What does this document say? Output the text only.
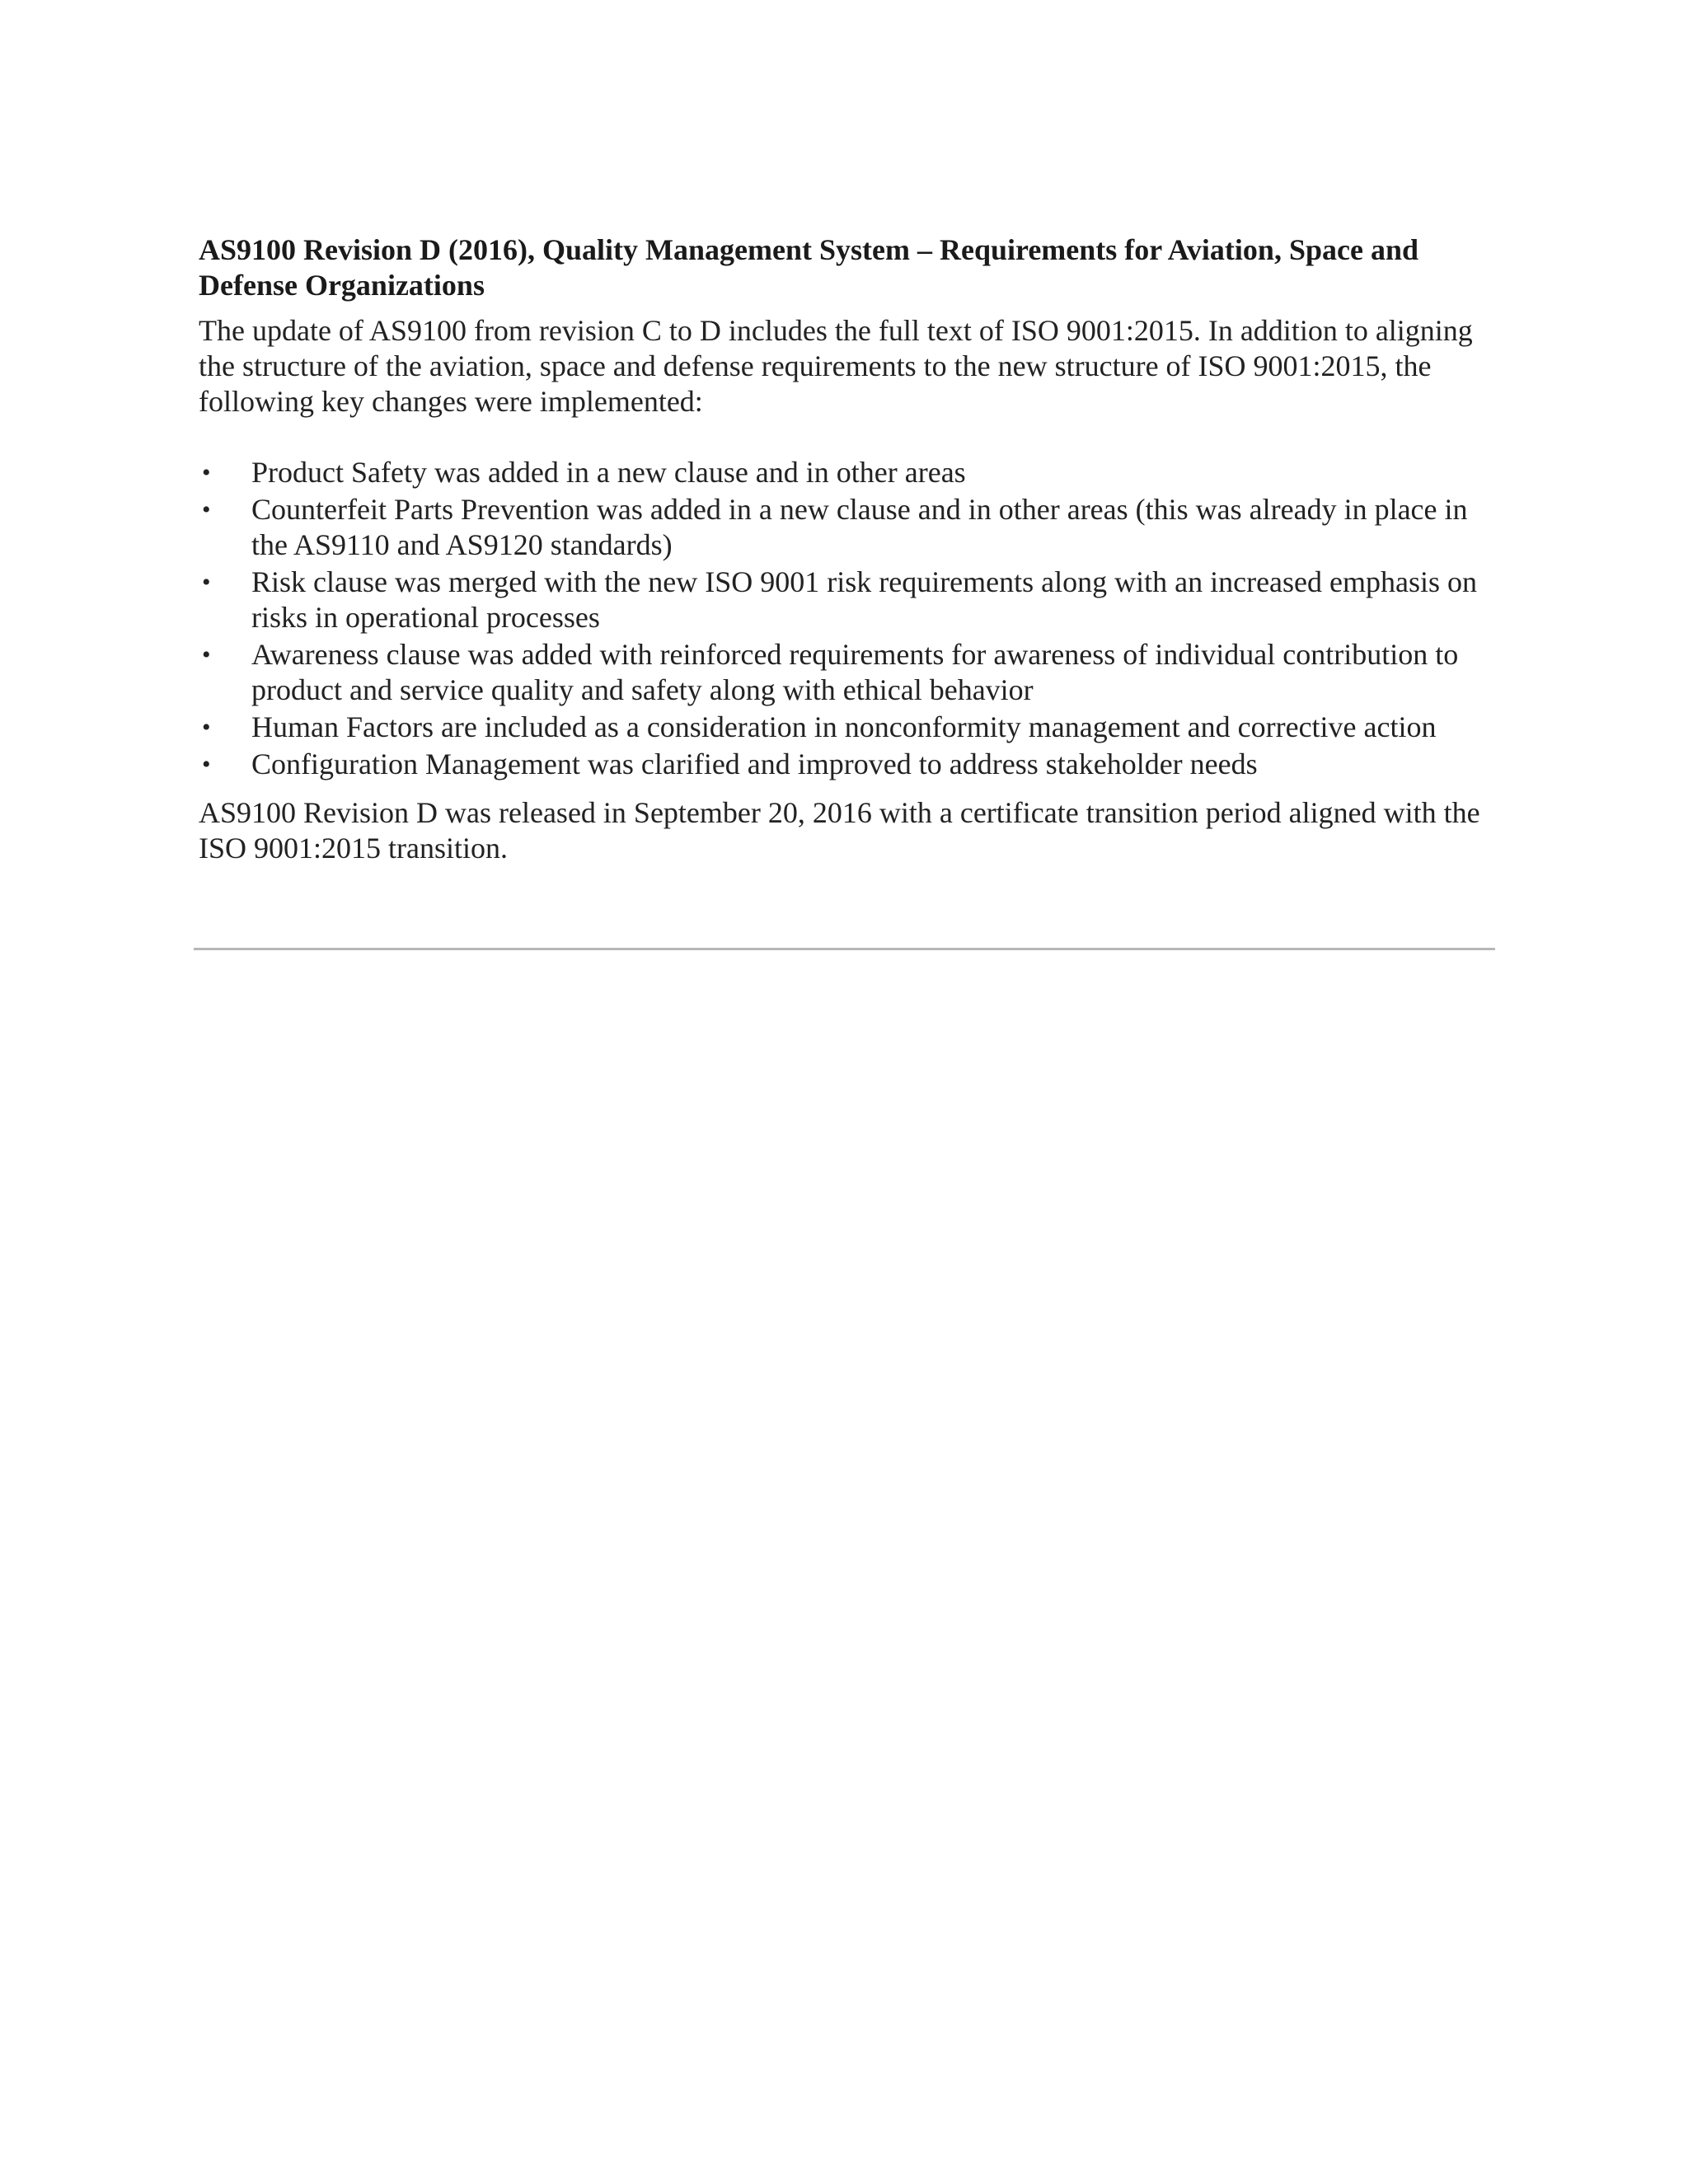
AS9100 Revision D (2016), Quality Management System – Requirements for Aviation, Space and Defense Organizations

The update of AS9100 from revision C to D includes the full text of ISO 9001:2015. In addition to aligning the structure of the aviation, space and defense requirements to the new structure of ISO 9001:2015, the following key changes were implemented:

•	Product Safety was added in a new clause and in other areas
•	Counterfeit Parts Prevention was added in a new clause and in other areas (this was already in place in the AS9110 and AS9120 standards)
•	Risk clause was merged with the new ISO 9001 risk requirements along with an increased emphasis on risks in operational processes
•	Awareness clause was added with reinforced requirements for awareness of individual contribution to product and service quality and safety along with ethical behavior
•	Human Factors are included as a consideration in nonconformity management and corrective action
•	Configuration Management was clarified and improved to address stakeholder needs

AS9100 Revision D was released in September 20, 2016 with a certificate transition period aligned with the ISO 9001:2015 transition.
